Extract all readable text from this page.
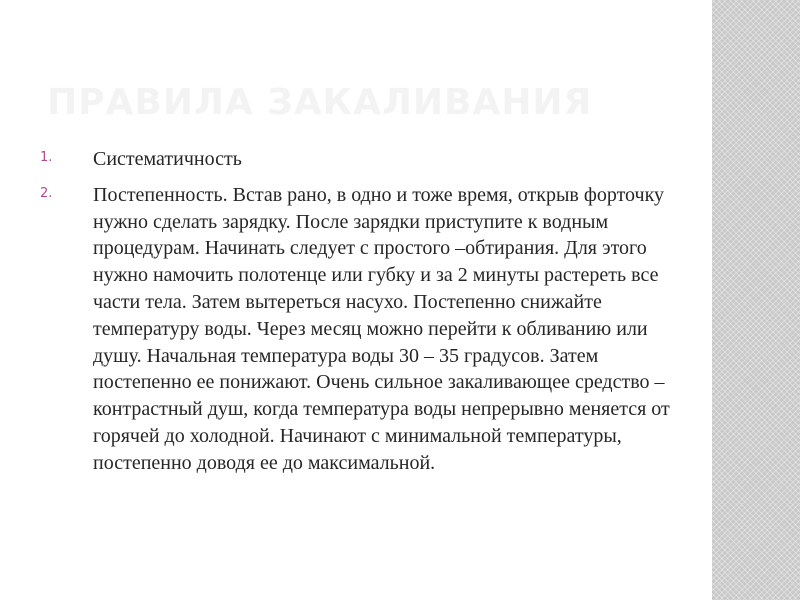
ПРАВИЛА ЗАКАЛИВАНИЯ
1. Систематичность
2. Постепенность. Встав рано, в одно и тоже время, открыв форточку нужно сделать зарядку. После зарядки приступите к водным процедурам. Начинать следует с простого –обтирания. Для этого нужно намочить полотенце или губку и за 2 минуты растереть все части тела. Затем вытереться насухо. Постепенно снижайте температуру воды. Через месяц можно перейти к обливанию или душу. Начальная температура воды 30 – 35 градусов. Затем постепенно ее понижают. Очень сильное закаливающее средство – контрастный душ, когда температура воды непрерывно меняется от горячей до холодной. Начинают с минимальной температуры, постепенно доводя ее до максимальной.
